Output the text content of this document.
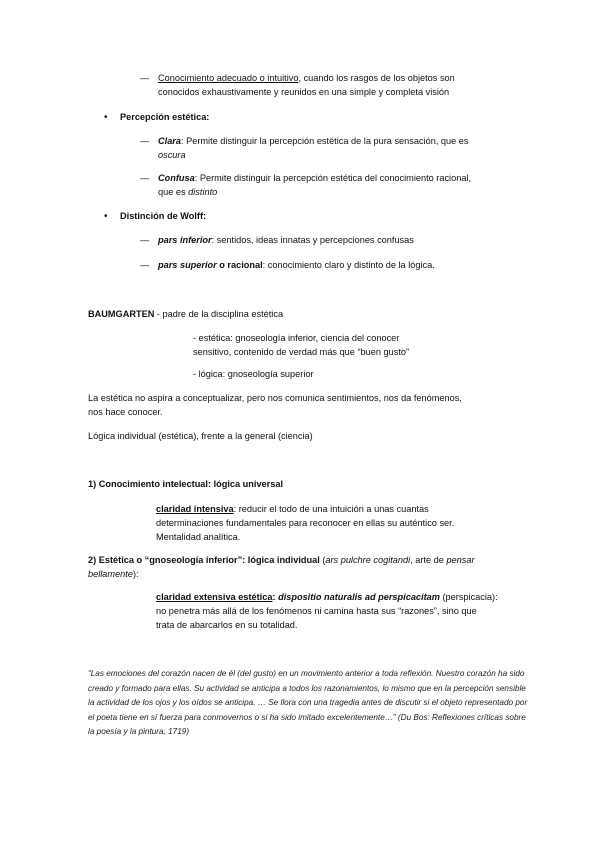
— Conocimiento adecuado o intuitivo, cuando los rasgos de los objetos son
conocidos exhaustivamente y reunidos en una simple y completa visión
• Percepción estética:
— Clara: Permite distinguir la percepción estética de la pura sensación, que es
oscura
— Confusa: Permite distinguir la percepción estética del conocimiento racional,
que es distinto
• Distinción de Wolff:
— pars inferior: sentidos, ideas innatas y percepciones confusas
— pars superior o racional: conocimiento claro y distinto de la lógica.
BAUMGARTEN - padre de la disciplina estética
- estética: gnoseología inferior, ciencia del conocer
sensitivo, contenido de verdad más que “buen gusto”
- lógica: gnoseología superior
La estética no aspira a conceptualizar, pero nos comunica sentimientos, nos da fenómenos,
nos hace conocer.
Lógica individual (estética), frente a la general (ciencia)
1) Conocimiento intelectual: lógica universal
claridad intensiva: reducir el todo de una intuición a unas cuantas
determinaciones fundamentales para reconocer en ellas su auténtico ser.
Mentalidad analítica.
2) Estética o “gnoseología inferior”: lógica individual (ars pulchre cogitandi, arte de pensar
bellamente):
claridad extensiva estética: dispositio naturalis ad perspicacitam (perspicacia):
no penetra más allá de los fenómenos ni camina hasta sus “razones”, sino que
trata de abarcarlos en su totalidad.
“Las emociones del corazón nacen de él (del gusto) en un movimiento anterior a toda reflexión. Nuestro corazón ha sido creado y formado para ellas. Su actividad se anticipa a todos los razonamientos, lo mismo que en la percepción sensible la actividad de los ojos y los oídos se anticipa. … Se llora con una tragedia antes de discutir si el objeto representado por el poeta tiene en sí fuerza para conmovernos o si ha sido imitado excelentemente…” (Du Bos: Reflexiones críticas sobre la poesía y la pintura, 1719)
